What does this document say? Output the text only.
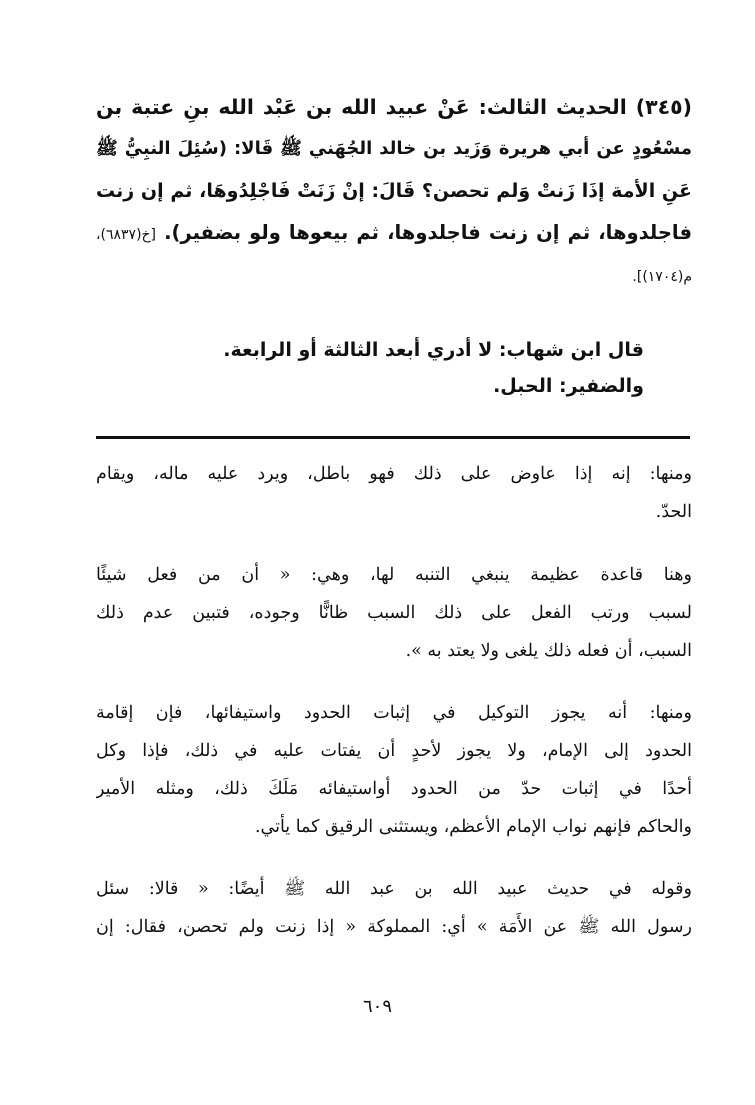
(٣٤٥) الحديث الثالث: عَنْ عبيد الله بن عَبْد الله بنِ عتبة بن
مسْعُودٍ عن أبي هريرة وَزَيد بن خالد الجُهَني ﷺ قَالا: (سُئِلَ النبِيُّ ﷺ
عَنِ الأمة إذَا زَنتْ وَلم تحصن؟ قَالَ: إنْ زَنَتْ فَاجْلِدُوهَا، ثم إن زنت
فاجلدوها، ثم إن زنت فاجلدوها، ثم بيعوها ولو بضفير). [خ(٦٨٣٧)،
م(١٧٠٤)].
قال ابن شهاب: لا أدري أبعد الثالثة أو الرابعة.
والضفير: الحبل.
ومنها: إنه إذا عاوض على ذلك فهو باطل، ويرد عليه ماله، ويقام
الحدّ.
وهنا قاعدة عظيمة ينبغي التنبه لها، وهي: « أن من فعل شيئًا
لسبب ورتب الفعل على ذلك السبب ظانًّا وجوده، فتبين عدم ذلك
السبب، أن فعله ذلك يلغى ولا يعتد به ».
ومنها: أنه يجوز التوكيل في إثبات الحدود واستيفائها، فإن إقامة
الحدود إلى الإمام، ولا يجوز لأحدٍ أن يفتات عليه في ذلك، فإذا وكل
أحدًا في إثبات حدّ من الحدود أواستيفائه مَلَكَ ذلك، ومثله الأمير
والحاكم فإنهم نواب الإمام الأعظم، ويستثنى الرقيق كما يأتي.
وقوله في حديث عبيد الله بن عبد الله ﷺ أيضًا: « قالا: سئل
رسول الله ﷺ عن الأَمَة » أي: المملوكة « إذا زنت ولم تحصن، فقال: إن
٦٠٩
